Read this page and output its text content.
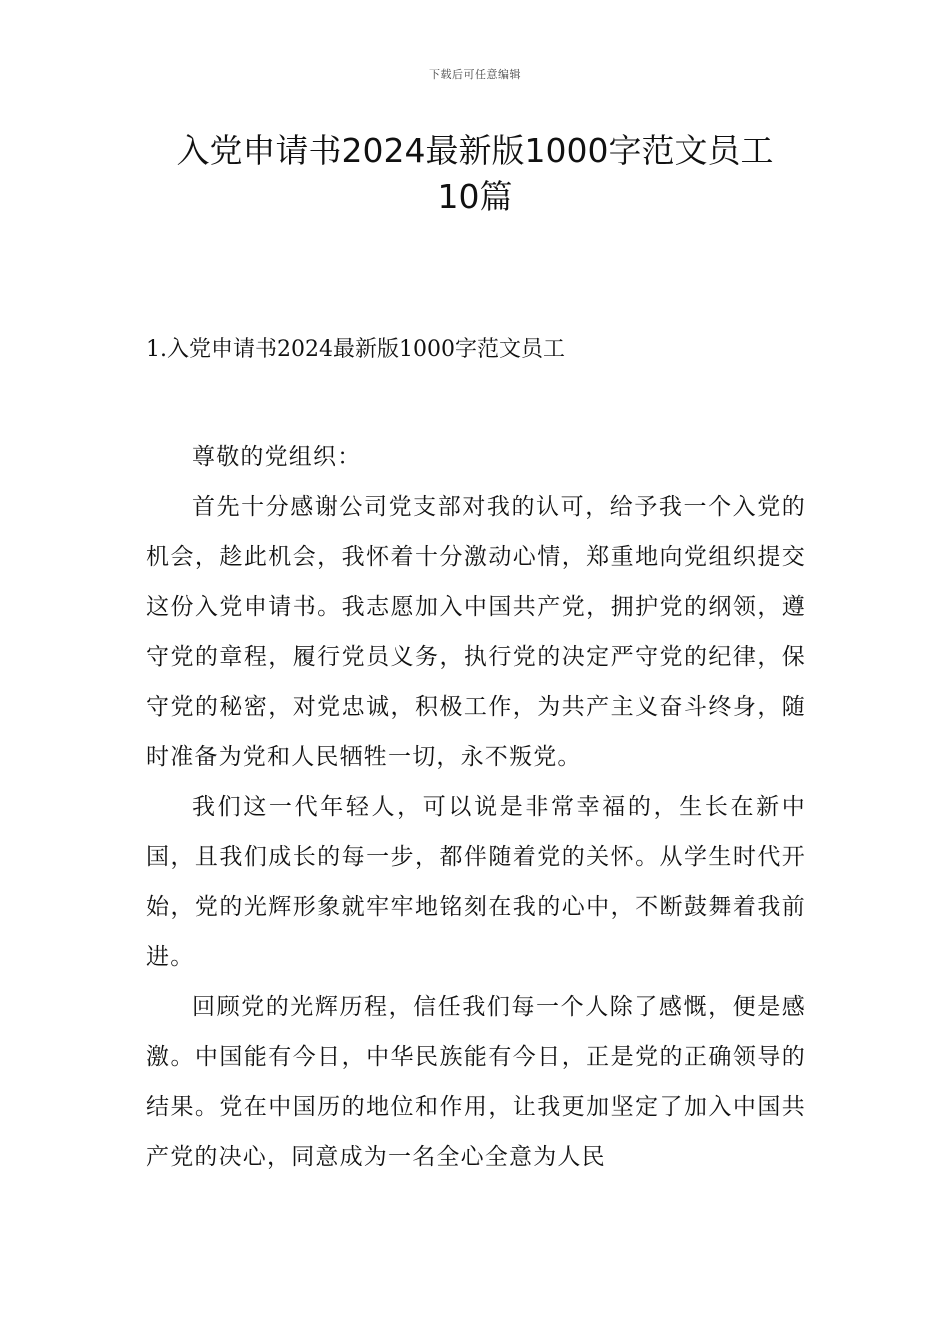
下载后可任意编辑
入党申请书2024最新版1000字范文员工
10篇
1.入党申请书2024最新版1000字范文员工

尊敬的党组织：

首先十分感谢公司党支部对我的认可，给予我一个入党的机会，趁此机会，我怀着十分激动心情，郑重地向党组织提交这份入党申请书。我志愿加入中国共产党，拥护党的纲领，遵守党的章程，履行党员义务，执行党的决定严守党的纪律，保守党的秘密，对党忠诚，积极工作，为共产主义奋斗终身，随时准备为党和人民牺牲一切，永不叛党。

我们这一代年轻人，可以说是非常幸福的，生长在新中国，且我们成长的每一步，都伴随着党的关怀。从学生时代开始，党的光辉形象就牢牢地铭刻在我的心中，不断鼓舞着我前进。

回顾党的光辉历程，信任我们每一个人除了感慨，便是感激。中国能有今日，中华民族能有今日，正是党的正确领导的结果。党在中国历的地位和作用，让我更加坚定了加入中国共产党的决心，同意成为一名全心全意为人民
